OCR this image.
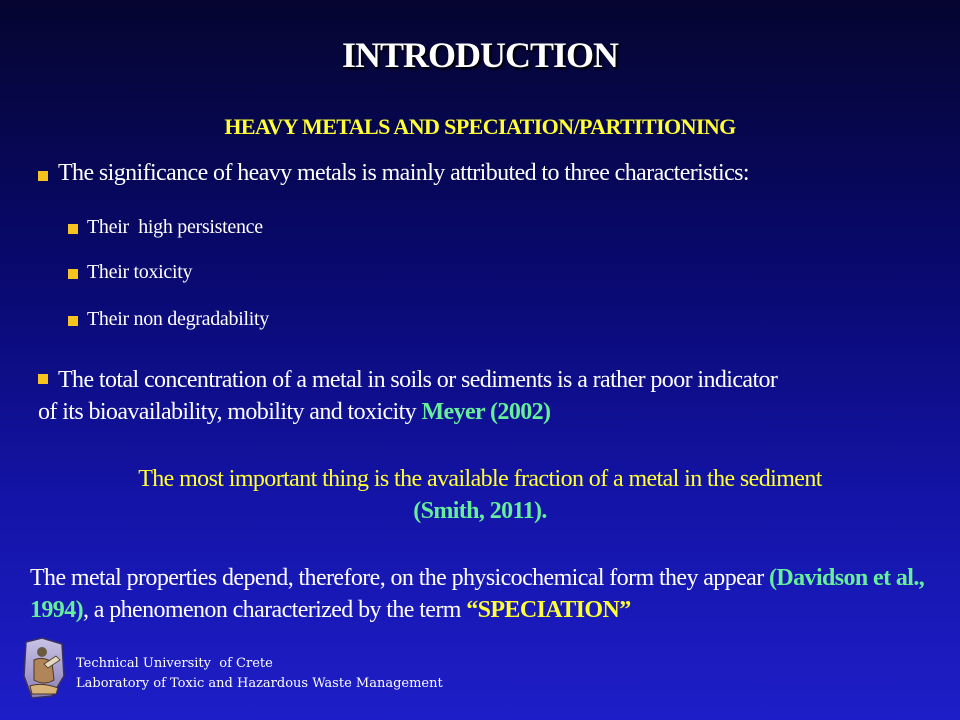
INTRODUCTION
HEAVY METALS AND SPECIATION/PARTITIONING
The significance of heavy metals is mainly attributed to three characteristics:
Their  high persistence
Their toxicity
Their non degradability
The total concentration of a metal in soils or sediments is a rather poor indicator
of its bioavailability, mobility and toxicity Meyer (2002)
The most important thing is the available fraction of a metal in the sediment
(Smith, 2011).
The metal properties depend, therefore, on the physicochemical form they appear (Davidson et al., 1994), a phenomenon characterized by the term “SPECIATION”
Technical University  of Crete
Laboratory of Toxic and Hazardous Waste Management
